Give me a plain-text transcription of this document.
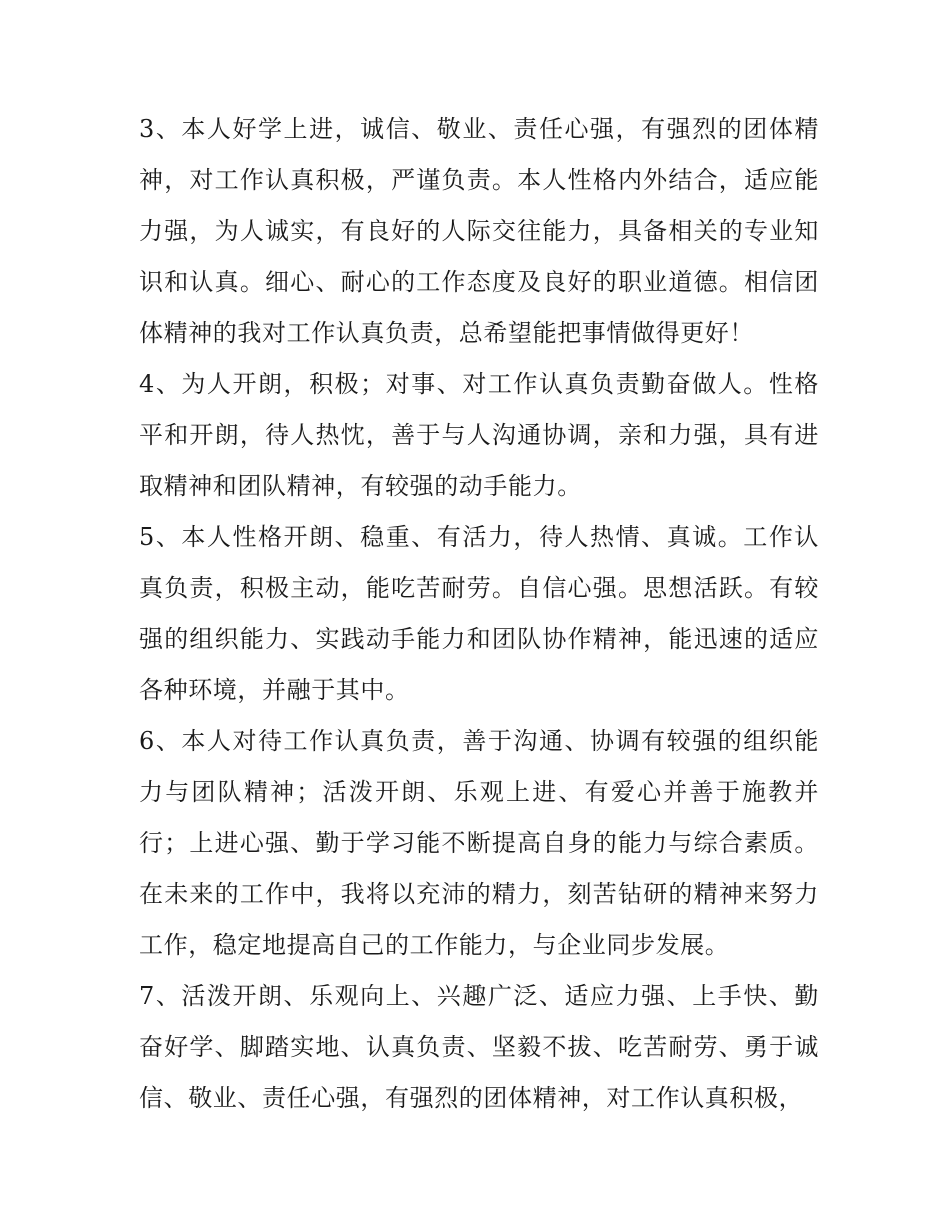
3、本人好学上进，诚信、敬业、责任心强，有强烈的团体精神，对工作认真积极，严谨负责。本人性格内外结合，适应能力强，为人诚实，有良好的人际交往能力，具备相关的专业知识和认真。细心、耐心的工作态度及良好的职业道德。相信团体精神的我对工作认真负责，总希望能把事情做得更好！

4、为人开朗，积极；对事、对工作认真负责勤奋做人。性格平和开朗，待人热忱，善于与人沟通协调，亲和力强，具有进取精神和团队精神，有较强的动手能力。

5、本人性格开朗、稳重、有活力，待人热情、真诚。工作认真负责，积极主动，能吃苦耐劳。自信心强。思想活跃。有较强的组织能力、实践动手能力和团队协作精神，能迅速的适应各种环境，并融于其中。

6、本人对待工作认真负责，善于沟通、协调有较强的组织能力与团队精神；活泼开朗、乐观上进、有爱心并善于施教并行；上进心强、勤于学习能不断提高自身的能力与综合素质。在未来的工作中，我将以充沛的精力，刻苦钻研的精神来努力工作，稳定地提高自己的工作能力，与企业同步发展。

7、活泼开朗、乐观向上、兴趣广泛、适应力强、上手快、勤奋好学、脚踏实地、认真负责、坚毅不拔、吃苦耐劳、勇于诚信、敬业、责任心强，有强烈的团体精神，对工作认真积极，
